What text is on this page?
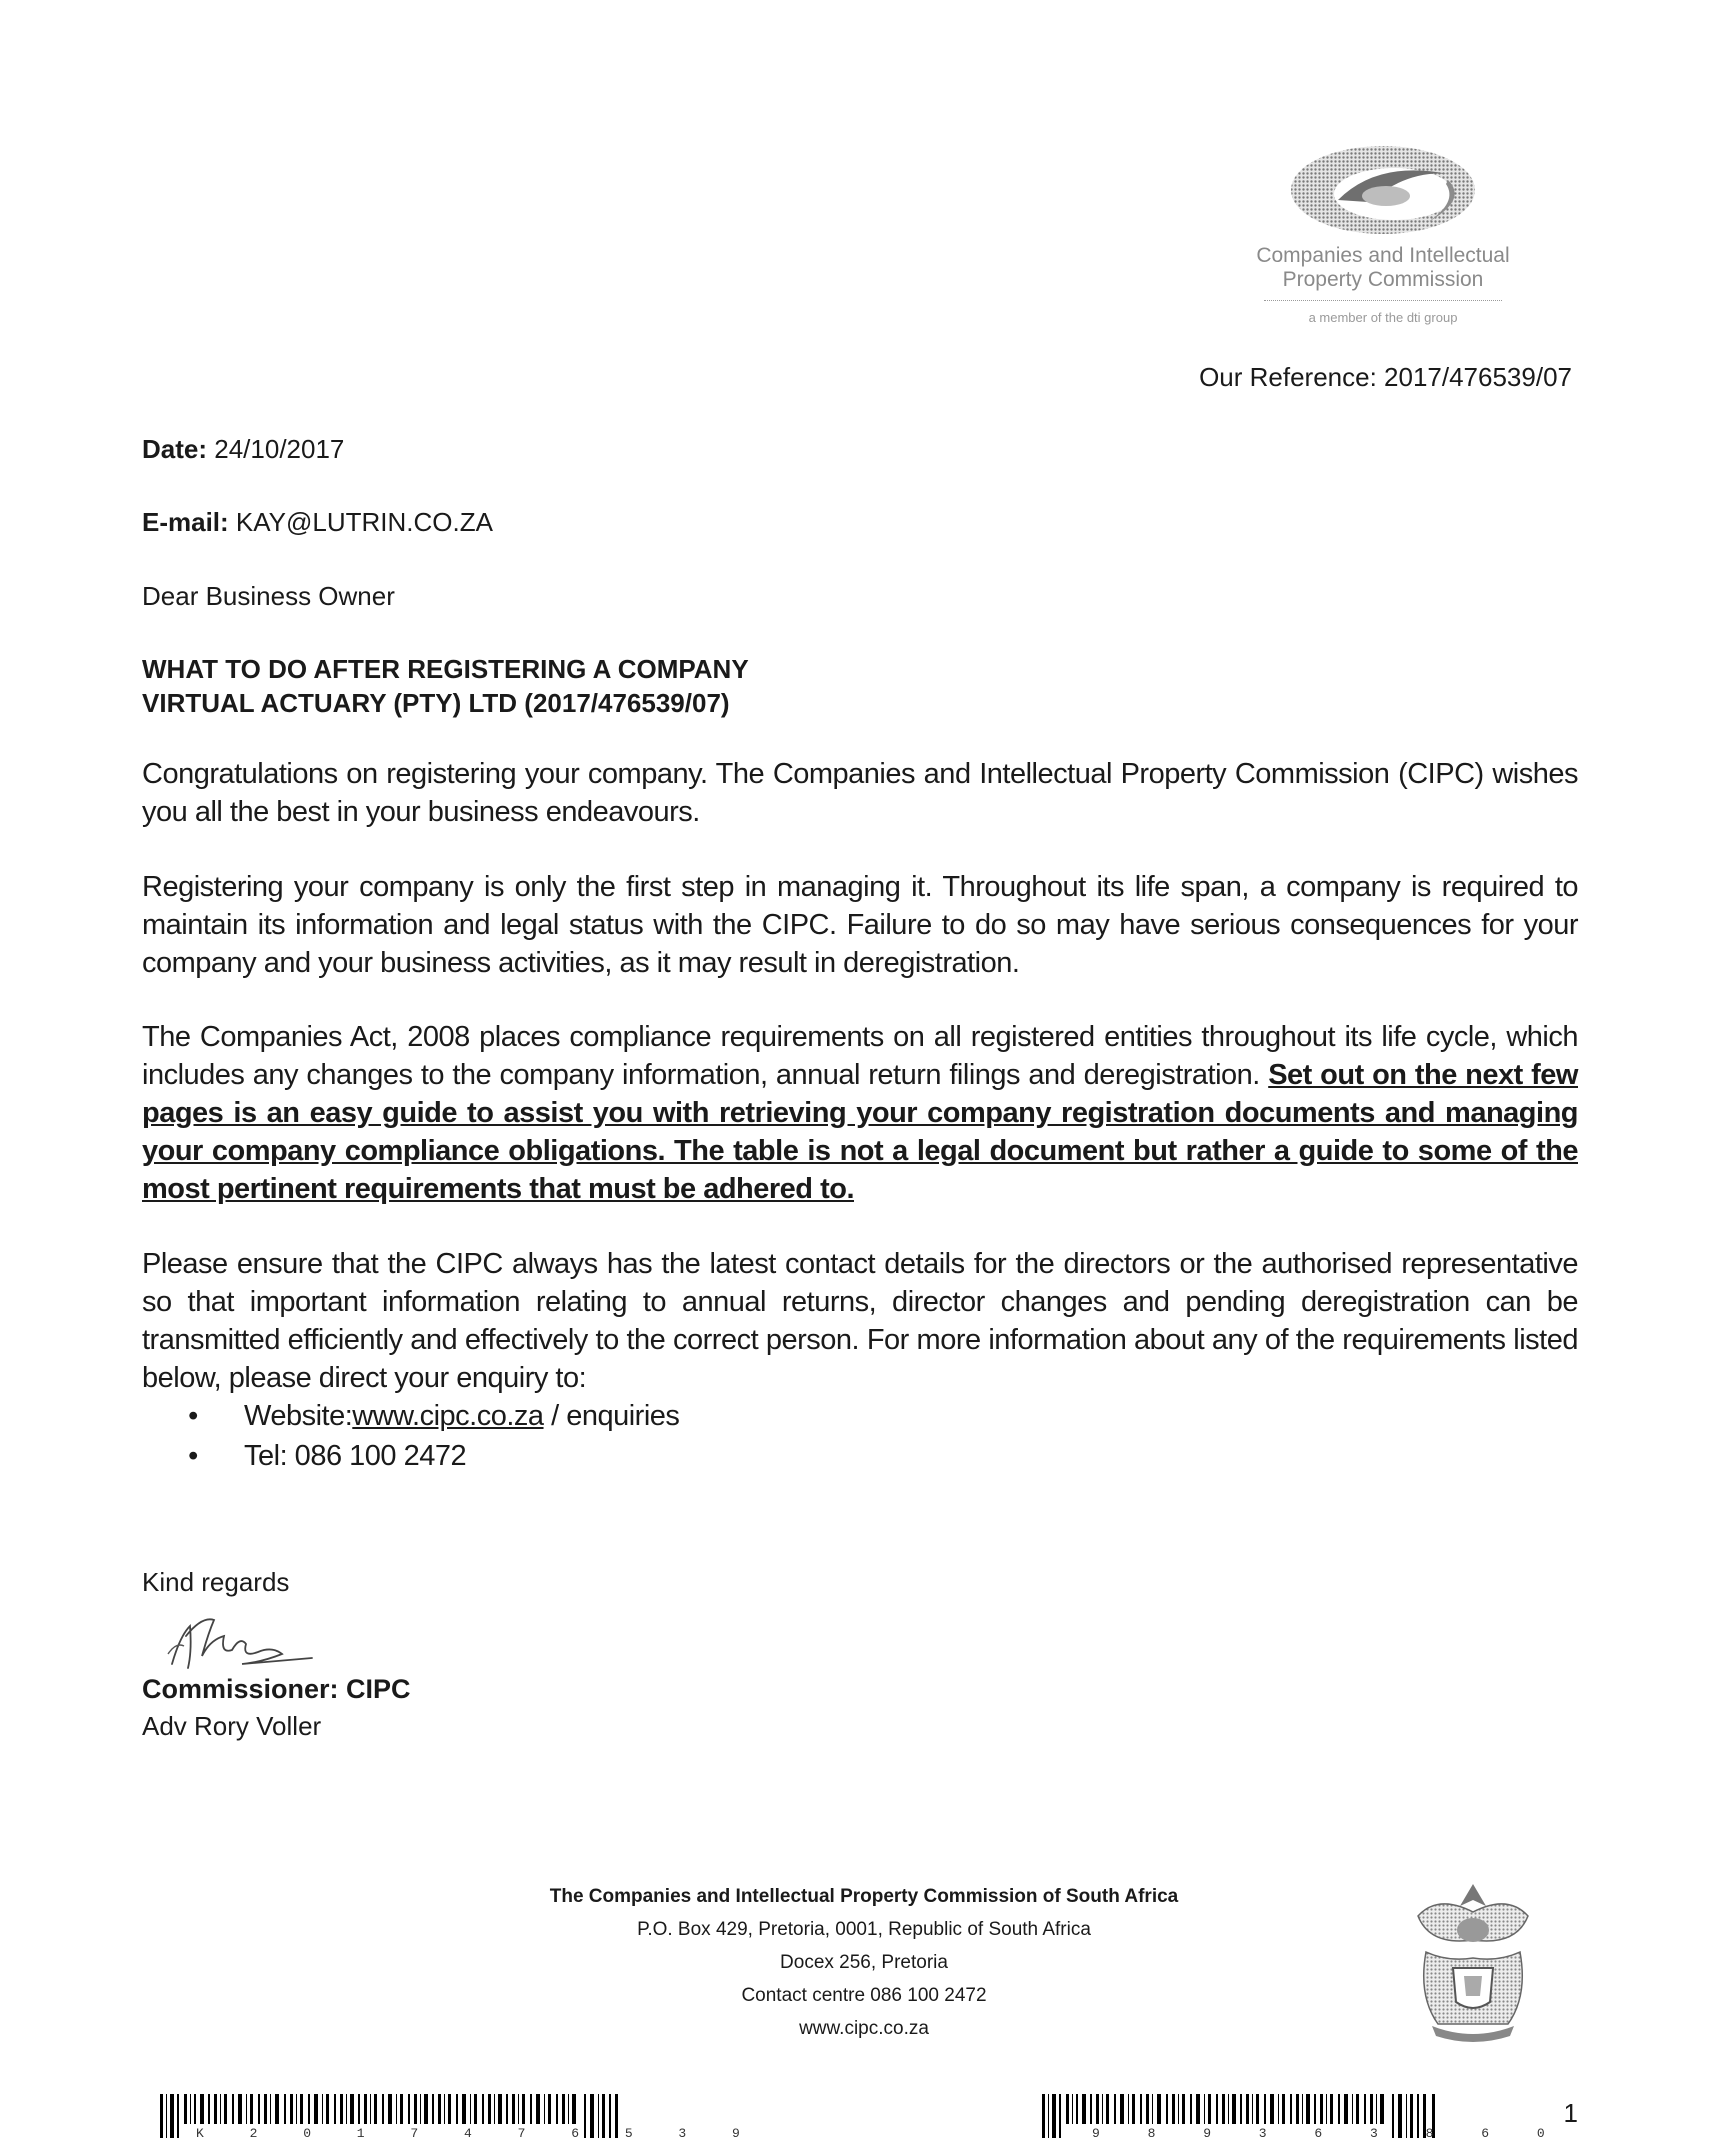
Companies and Intellectual
Property Commission
a member of the dti group
Our Reference: 2017/476539/07
Date: 24/10/2017
E-mail: KAY@LUTRIN.CO.ZA
Dear Business Owner
WHAT TO DO AFTER REGISTERING A COMPANY
VIRTUAL ACTUARY (PTY) LTD (2017/476539/07)
Congratulations on registering your company. The Companies and Intellectual Property Commission (CIPC) wishes you all the best in your business endeavours.
Registering your company is only the first step in managing it. Throughout its life span, a company is required to maintain its information and legal status with the CIPC. Failure to do so may have serious consequences for your company and your business activities, as it may result in deregistration.
The Companies Act, 2008 places compliance requirements on all registered entities throughout its life cycle, which includes any changes to the company information, annual return filings and deregistration. Set out on the next few pages is an easy guide to assist you with retrieving your company registration documents and managing your company compliance obligations. The table is not a legal document but rather a guide to some of the most pertinent requirements that must be adhered to.
Please ensure that the CIPC always has the latest contact details for the directors or the authorised representative so that important information relating to annual returns, director changes and pending deregistration can be transmitted efficiently and effectively to the correct person. For more information about any of the requirements listed below, please direct your enquiry to:
•	Website:www.cipc.co.za / enquiries
•	Tel: 086 100 2472
Kind regards
Commissioner: CIPC
Adv Rory Voller
The Companies and Intellectual Property Commission of South Africa
P.O. Box 429, Pretoria, 0001, Republic of South Africa
Docex 256, Pretoria
Contact centre 086 100 2472
www.cipc.co.za
K 2 0 1 7 4 7 6 5 3 9	9 8 9 3 6 3 8 6 0
1
